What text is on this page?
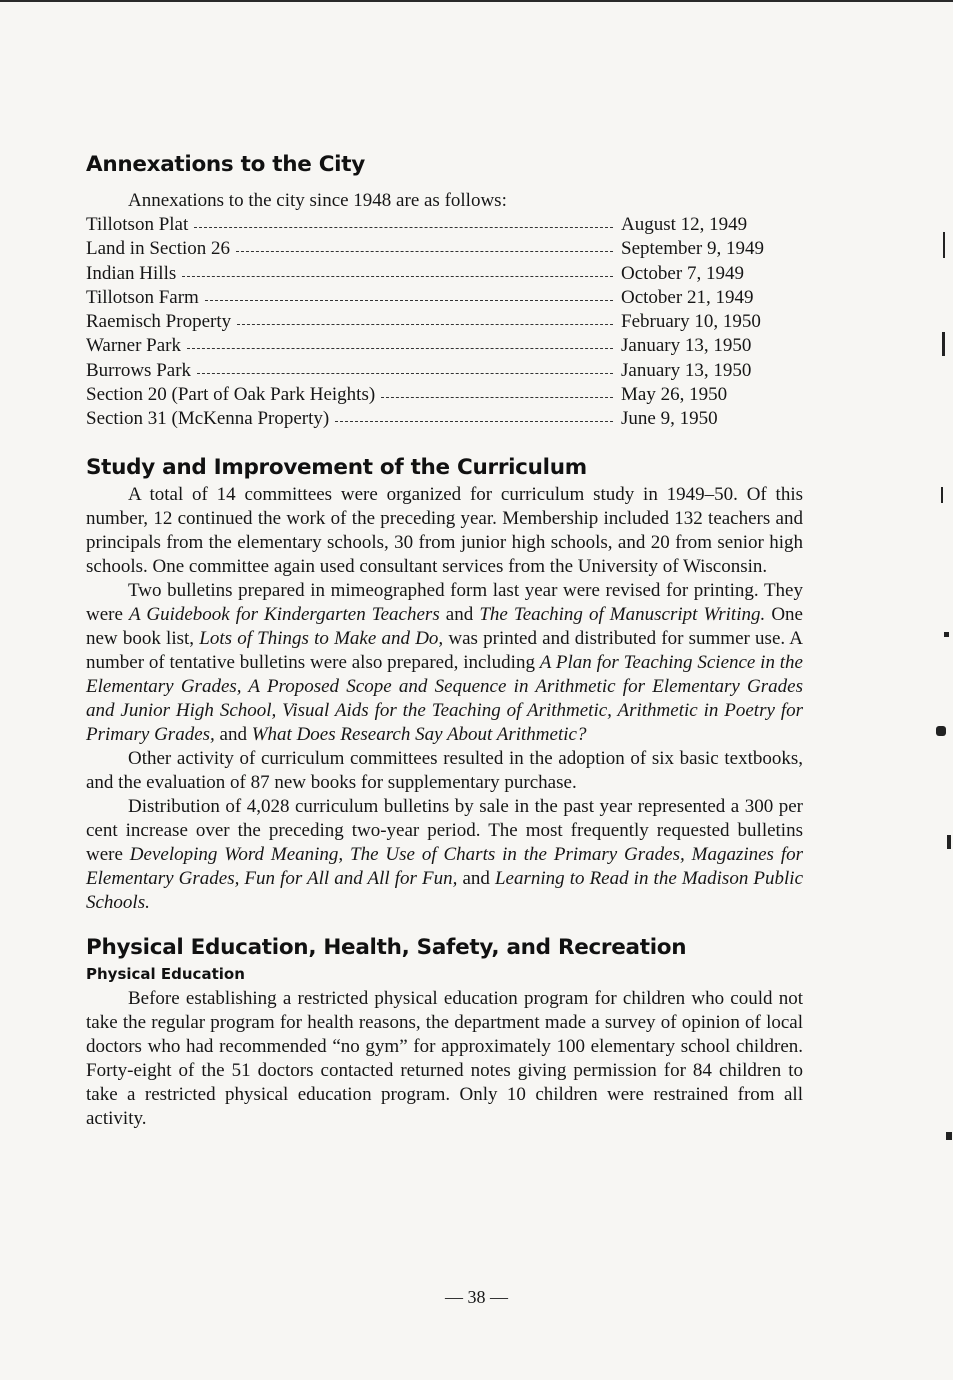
Annexations to the City

Annexations to the city since 1948 are as follows:

Tillotson Plat	August 12, 1949
Land in Section 26	September 9, 1949
Indian Hills	October 7, 1949
Tillotson Farm	October 21, 1949
Raemisch Property	February 10, 1950
Warner Park	January 13, 1950
Burrows Park	January 13, 1950
Section 20 (Part of Oak Park Heights)	May 26, 1950
Section 31 (McKenna Property)	June 9, 1950
Study and Improvement of the Curriculum

A total of 14 committees were organized for curriculum study in 1949–50. Of this number, 12 continued the work of the preceding year. Membership included 132 teachers and principals from the elementary schools, 30 from junior high schools, and 20 from senior high schools. One committee again used consultant services from the University of Wisconsin.

Two bulletins prepared in mimeographed form last year were revised for printing. They were A Guidebook for Kindergarten Teachers and The Teaching of Manuscript Writing. One new book list, Lots of Things to Make and Do, was printed and distributed for summer use. A number of tentative bulletins were also prepared, including A Plan for Teaching Science in the Elementary Grades, A Proposed Scope and Sequence in Arithmetic for Elementary Grades and Junior High School, Visual Aids for the Teaching of Arithmetic, Arithmetic in Poetry for Primary Grades, and What Does Research Say About Arithmetic?

Other activity of curriculum committees resulted in the adoption of six basic textbooks, and the evaluation of 87 new books for supplementary purchase.

Distribution of 4,028 curriculum bulletins by sale in the past year represented a 300 per cent increase over the preceding two-year period. The most frequently requested bulletins were Developing Word Meaning, The Use of Charts in the Primary Grades, Magazines for Elementary Grades, Fun for All and All for Fun, and Learning to Read in the Madison Public Schools.

Physical Education, Health, Safety, and Recreation
Physical Education

Before establishing a restricted physical education program for children who could not take the regular program for health reasons, the department made a survey of opinion of local doctors who had recommended “no gym” for approximately 100 elementary school children. Forty-eight of the 51 doctors contacted returned notes giving permission for 84 children to take a restricted physical education program. Only 10 children were restrained from all activity.

— 38 —
